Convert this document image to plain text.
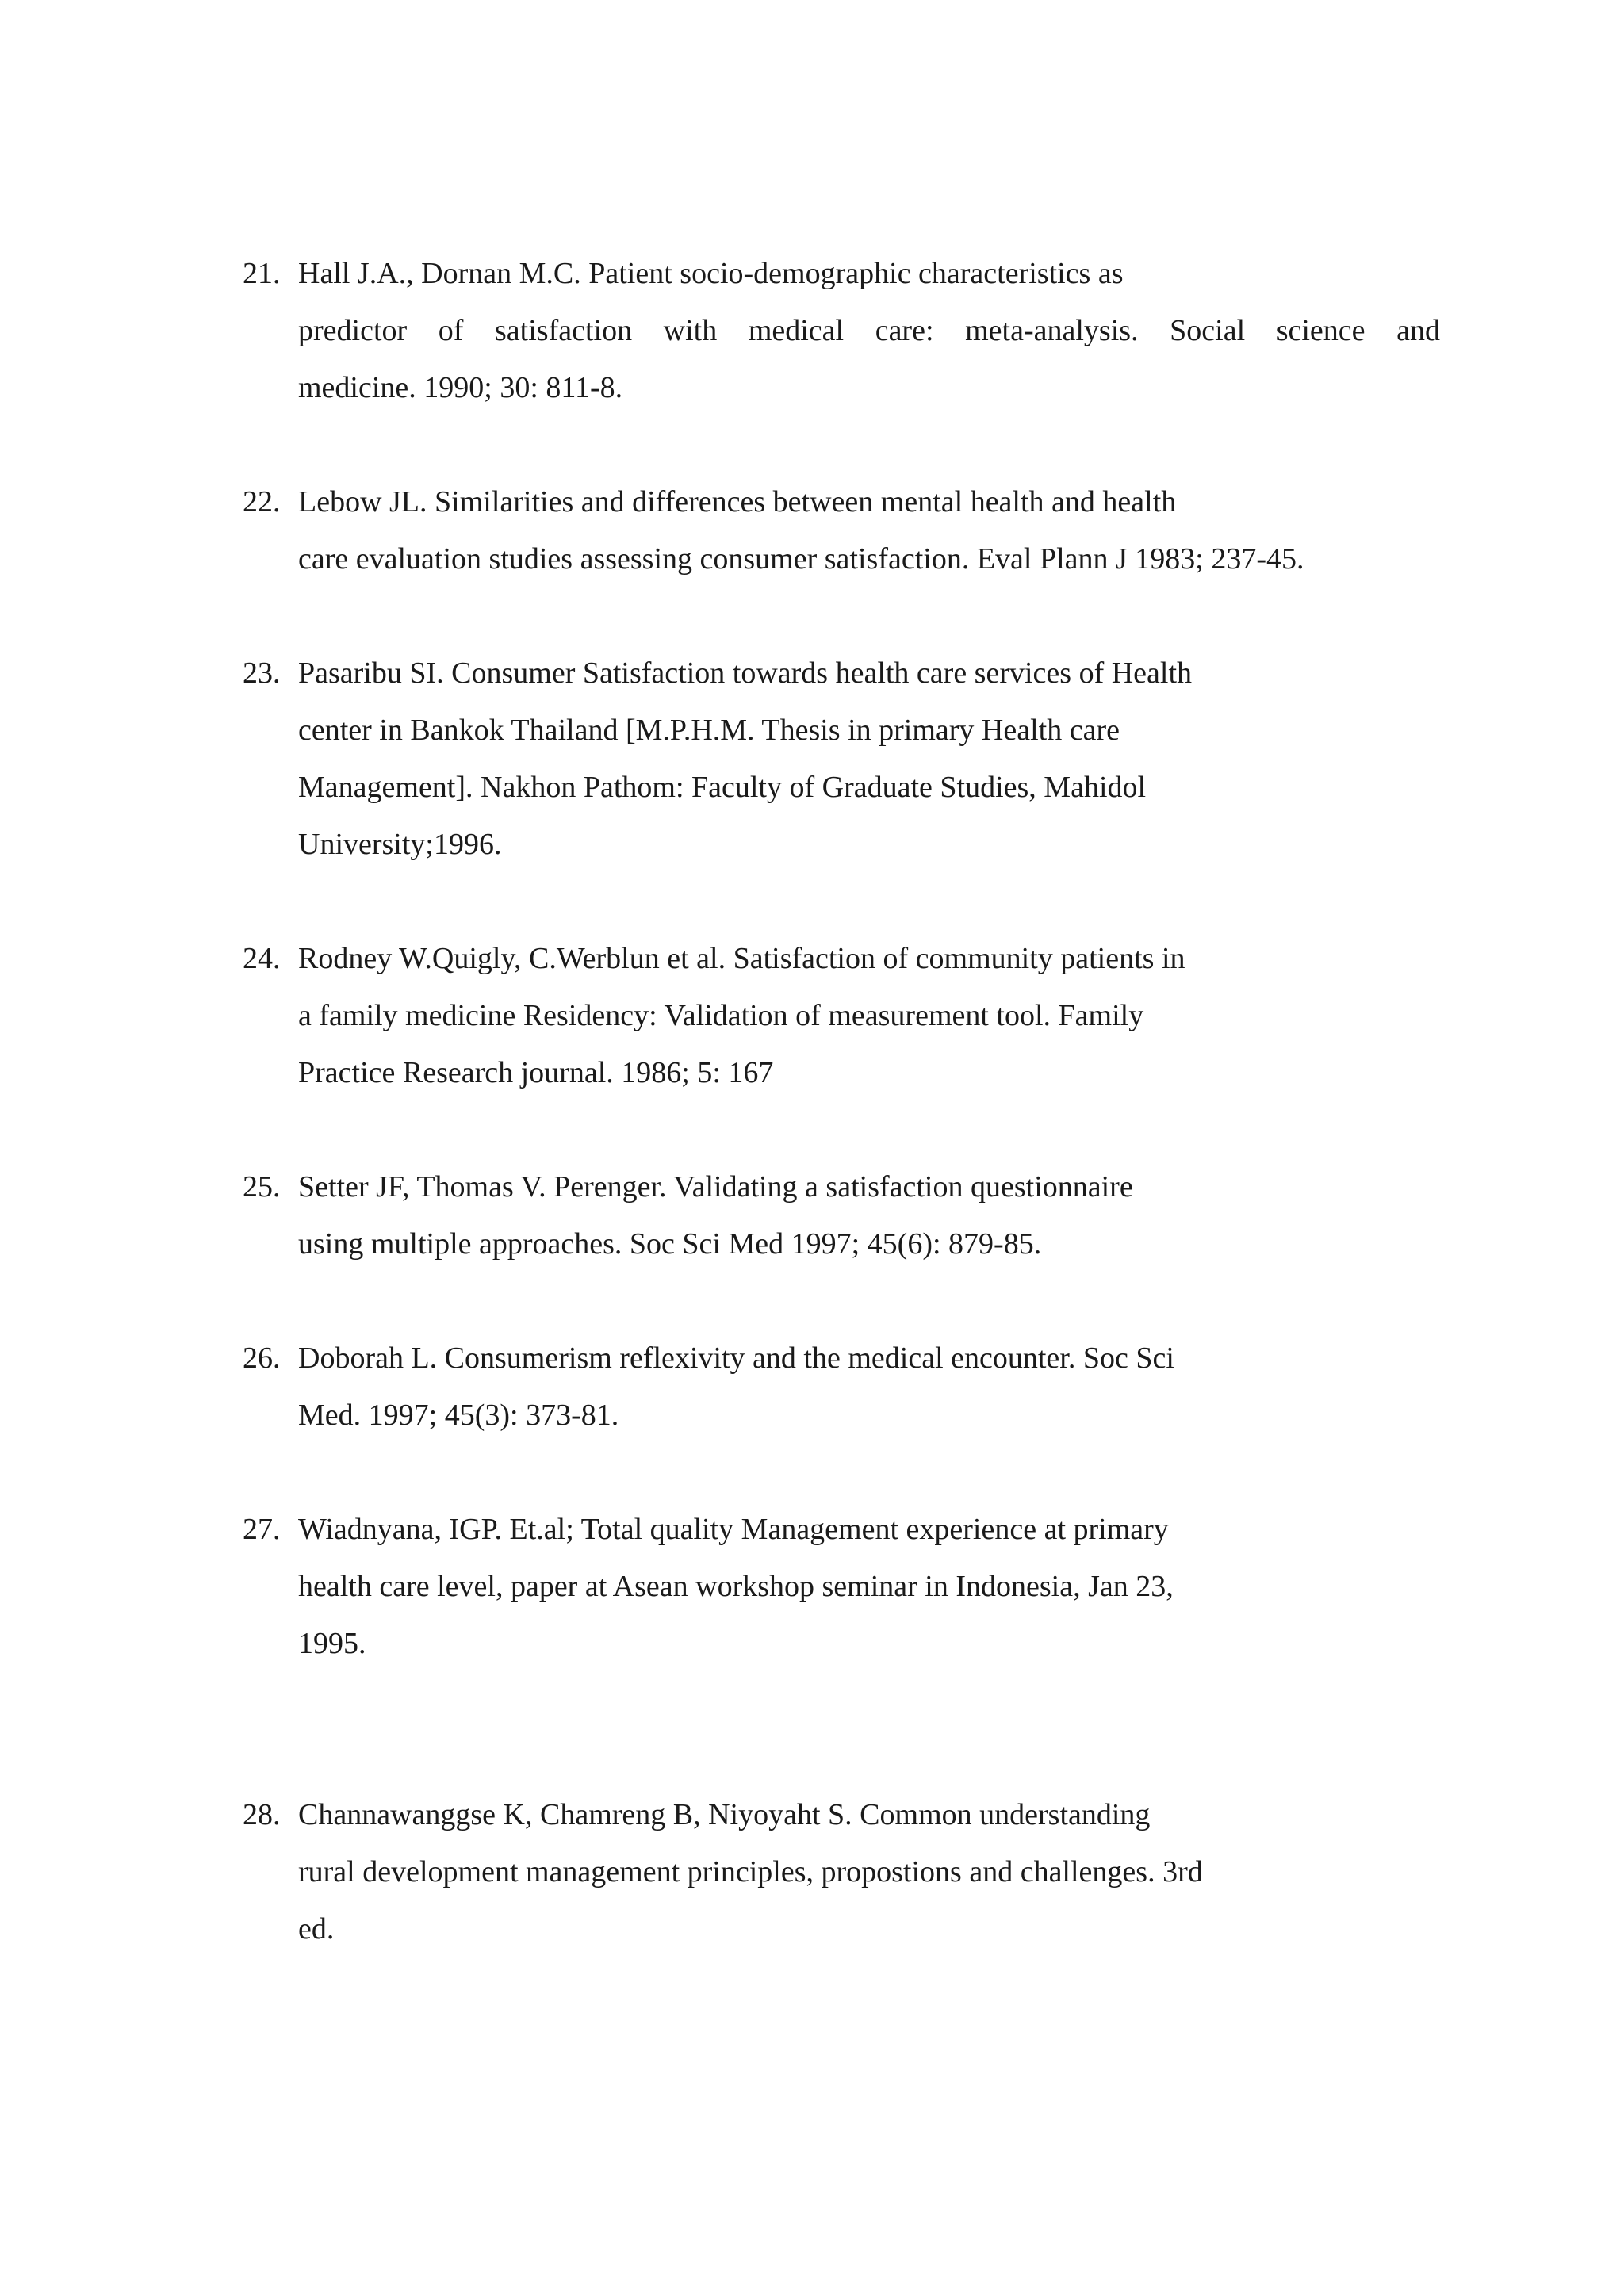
21. Hall J.A., Dornan M.C. Patient socio-demographic characteristics as
predictor of satisfaction with medical care: meta-analysis. Social science and
medicine. 1990; 30: 811-8.
22. Lebow JL. Similarities and differences between mental health and health
care evaluation studies assessing consumer satisfaction. Eval Plann J 1983; 237-45.
23. Pasaribu SI. Consumer Satisfaction towards health care services of Health
center in Bankok Thailand [M.P.H.M. Thesis in primary Health care
Management]. Nakhon Pathom: Faculty of Graduate Studies, Mahidol
University;1996.
24. Rodney W.Quigly, C.Werblun et al. Satisfaction of community patients in
a family medicine Residency: Validation of measurement tool. Family
Practice Research journal. 1986; 5: 167
25. Setter JF, Thomas V. Perenger. Validating a satisfaction questionnaire
using multiple approaches. Soc Sci Med 1997; 45(6): 879-85.
26. Doborah L. Consumerism reflexivity and the medical encounter. Soc Sci
Med. 1997; 45(3): 373-81.
27. Wiadnyana, IGP. Et.al; Total quality Management experience at primary
health care level, paper at Asean workshop seminar in Indonesia, Jan 23,
1995.
28. Channawanggse K, Chamreng B, Niyoyaht S. Common understanding
rural development management principles, propostions and challenges. 3rd
ed.
